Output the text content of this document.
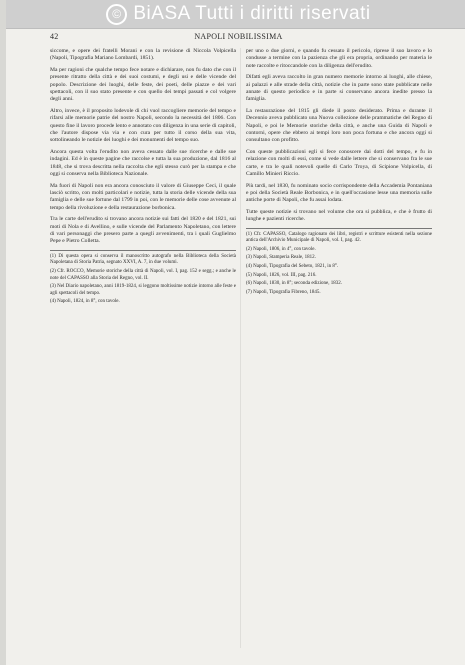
© BiASA Tutti i diritti riservati
42	NAPOLI NOBILISSIMA

siccome, e opere dei fratelli Morani e con la revisione di Niccola Volpicella (Napoli, Tipografia Mariano Lombardi, 1851).

Ma per ragioni che qualche tempo fece notare e dichiarare, non fu dato che con il presente ritratto della città e dei suoi costumi, e degli usi e delle vicende del popolo. Descrizione dei luoghi, delle feste, dei poeti, delle piazze e dei vari spettacoli, con il suo stato presente e con quello dei tempi passati e col volgere degli anni.

Altro, invece, è il proposito lodevole di chi vuol raccogliere memorie del tempo e rifarsi alle memorie patrie del nostro Napoli, secondo la necessità del 1806. Con questo fine il lavoro procede lento e annotato con diligenza in una serie di capitoli, che l'autore dispose via via e con cura per tutto il corso della sua vita, sottolineando le notizie dei luoghi e dei monumenti del tempo suo.

Ancora questa volta l'erudito non aveva cessato dalle sue ricerche e dalle sue indagini. Ed è in queste pagine che raccolse e tutta la sua produzione, dal 1816 al 1848, che si trova descritta nella raccolta che egli stesso curò per la stampa e che oggi si conserva nella Biblioteca Nazionale.

Ma fuori di Napoli non era ancora conosciuto il valore di Giuseppe Ceci, il quale lasciò scritto, con molti particolari e notizie, tutta la storia delle vicende della sua famiglia e delle sue fortune dal 1799 in poi, con le memorie delle cose avvenute al tempo della rivoluzione e della restaurazione borbonica.

Tra le carte dell'erudito si trovano ancora notizie sui fatti del 1820 e del 1821, sui moti di Nola e di Avellino, e sulle vicende del Parlamento Napoletano, con lettere di vari personaggi che presero parte a quegli avvenimenti, tra i quali Guglielmo Pepe e Pietro Colletta.

(1) Di questa opera si conserva il manoscritto autografo nella Biblioteca della Società Napoletana di Storia Patria, segnato XXVI, A. 7, in due volumi.

(2) Cfr. ROCCO, Memorie storiche della città di Napoli, vol. I, pag. 152 e segg.; e anche le note del CAPASSO alla Storia del Regno, vol. II.

(3) Nel Diario napoletano, anni 1819-1824, si leggono moltissime notizie intorno alle feste e agli spettacoli del tempo.

(4) Napoli, 1824, in 8°, con tavole.

per uno o due giorni, e quando fu cessato il pericolo, riprese il suo lavoro e lo condusse a termine con la pazienza che gli era propria, ordinando per materia le note raccolte e ritoccandole con la diligenza dell'erudito.

Difatti egli aveva raccolto in gran numero memorie intorno ai luoghi, alle chiese, ai palazzi e alle strade della città, notizie che in parte sono state pubblicate nelle annate di questo periodico e in parte si conservano ancora inedite presso la famiglia.

La restaurazione del 1815 gli diede il posto desiderato. Prima e durante il Decennio aveva pubblicato una Nuova collezione delle prammatiche del Regno di Napoli, e poi le Memorie storiche della città, e anche una Guida di Napoli e contorni, opere che ebbero ai tempi loro non poca fortuna e che ancora oggi si consultano con profitto.

Con queste pubblicazioni egli si fece conoscere dai dotti del tempo, e fu in relazione con molti di essi, come si vede dalle lettere che si conservano fra le sue carte, e tra le quali notevoli quelle di Carlo Troya, di Scipione Volpicella, di Camillo Minieri Riccio.

Più tardi, nel 1830, fu nominato socio corrispondente della Accademia Pontaniana e poi della Società Reale Borbonica, e in quell'occasione lesse una memoria sulle antiche porte di Napoli, che fu assai lodata.

Tutte queste notizie si trovano nel volume che ora si pubblica, e che è frutto di lunghe e pazienti ricerche.

(1) Cfr. CAPASSO, Catalogo ragionato dei libri, registri e scritture esistenti nella sezione antica dell'Archivio Municipale di Napoli, vol. I, pag. 42.

(2) Napoli, 1806, in 4°, con tavole.

(3) Napoli, Stamperia Reale, 1812.

(4) Napoli, Tipografia del Sebeto, 1821, in 8°.

(5) Napoli, 1826, vol. III, pag. 216.

(6) Napoli, 1830, in 8°; seconda edizione, 1832.

(7) Napoli, Tipografia Fibreno, 1845.
